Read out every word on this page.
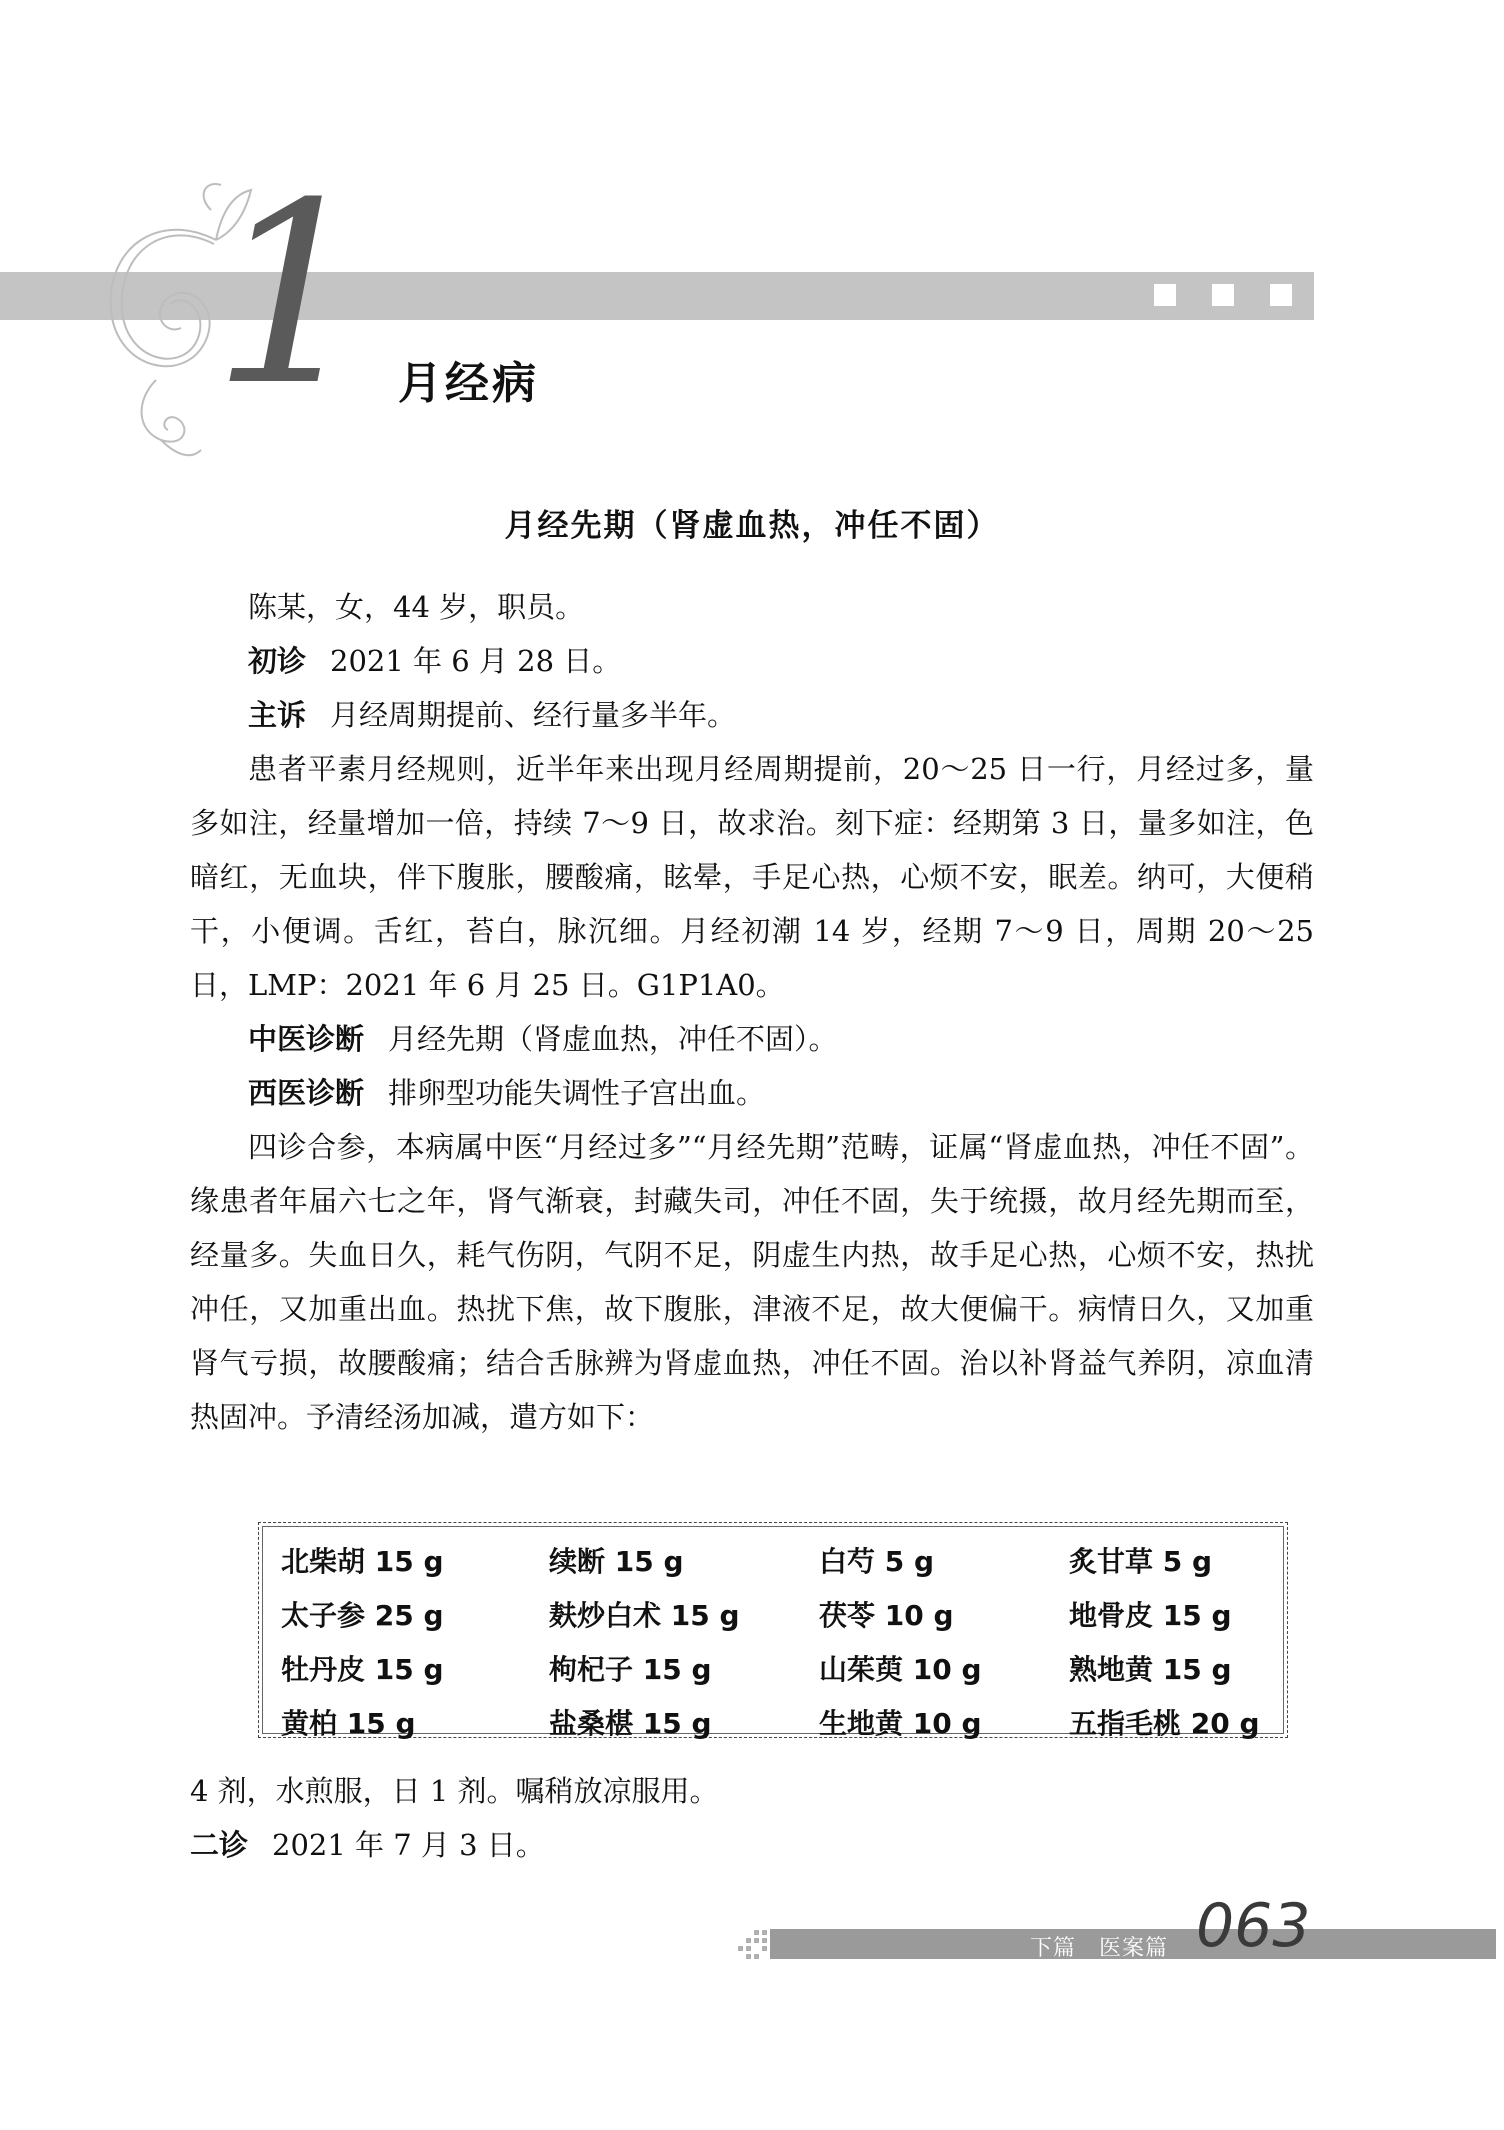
1 月经病
月经先期（肾虚血热，冲任不固）

陈某，女，44 岁，职员。

初诊 2021 年 6 月 28 日。

主诉 月经周期提前、经行量多半年。

患者平素月经规则，近半年来出现月经周期提前，20～25 日一行，月经过多，量多如注，经量增加一倍，持续 7～9 日，故求治。刻下症：经期第 3 日，量多如注，色暗红，无血块，伴下腹胀，腰酸痛，眩晕，手足心热，心烦不安，眠差。纳可，大便稍干，小便调。舌红，苔白，脉沉细。月经初潮 14 岁，经期 7～9 日，周期 20～25 日，LMP：2021 年 6 月 25 日。G1P1A0。

中医诊断 月经先期（肾虚血热，冲任不固）。

西医诊断 排卵型功能失调性子宫出血。

四诊合参，本病属中医“月经过多”“月经先期”范畴，证属“肾虚血热，冲任不固”。缘患者年届六七之年，肾气渐衰，封藏失司，冲任不固，失于统摄，故月经先期而至，经量多。失血日久，耗气伤阴，气阴不足，阴虚生内热，故手足心热，心烦不安，热扰冲任，又加重出血。热扰下焦，故下腹胀，津液不足，故大便偏干。病情日久，又加重肾气亏损，故腰酸痛；结合舌脉辨为肾虚血热，冲任不固。治以补肾益气养阴，凉血清热固冲。予清经汤加减，遣方如下：

北柴胡 15 g	续断 15 g	白芍 5 g	炙甘草 5 g
太子参 25 g	麸炒白术 15 g	茯苓 10 g	地骨皮 15 g
牡丹皮 15 g	枸杞子 15 g	山茱萸 10 g	熟地黄 15 g
黄柏 15 g	盐桑椹 15 g	生地黄 10 g	五指毛桃 20 g

4 剂，水煎服，日 1 剂。嘱稍放凉服用。

二诊 2021 年 7 月 3 日。

下篇　医案篇 063
